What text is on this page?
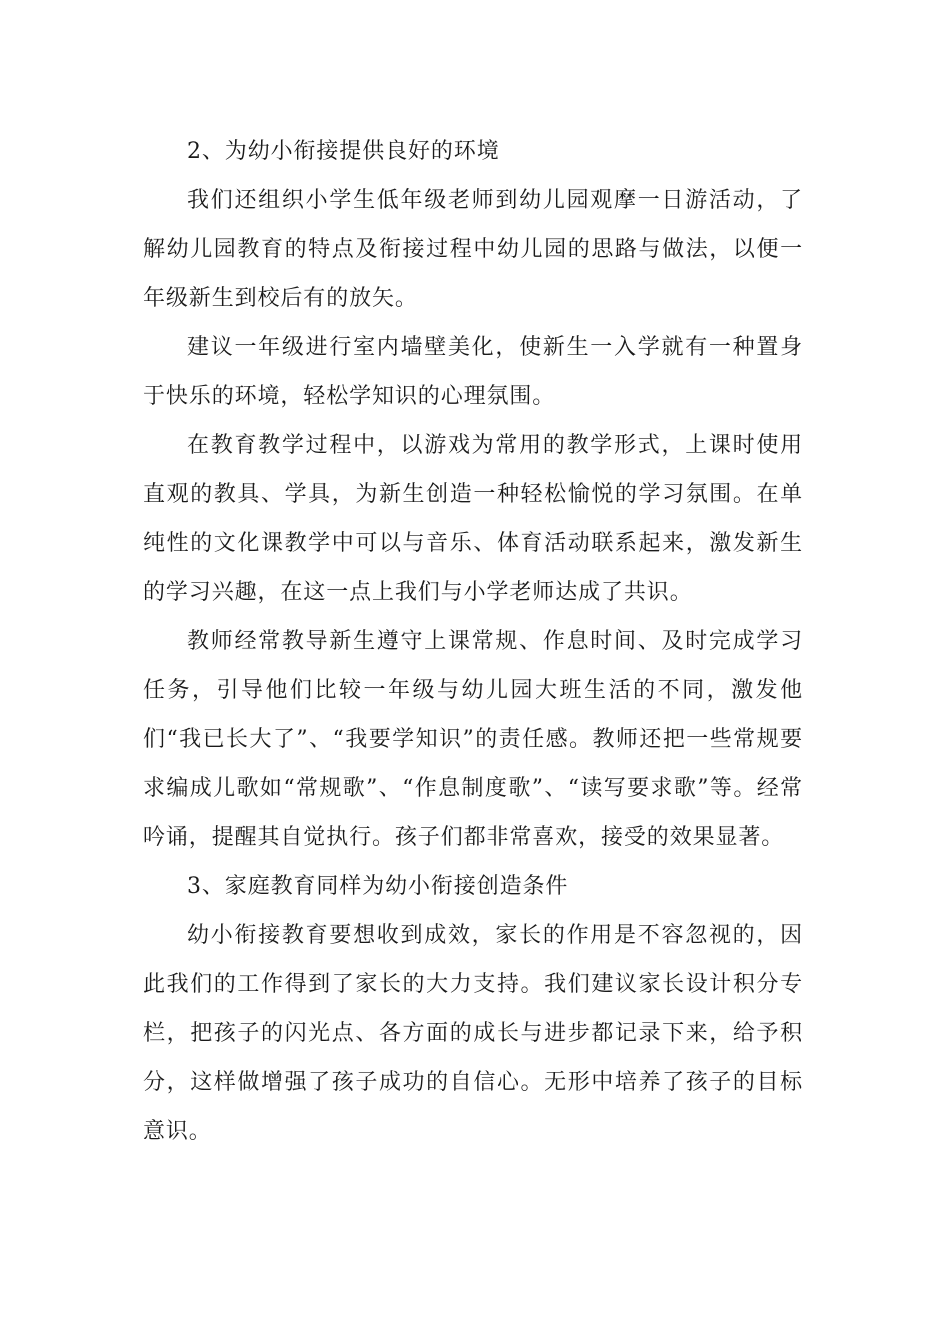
2、为幼小衔接提供良好的环境

我们还组织小学生低年级老师到幼儿园观摩一日游活动，了解幼儿园教育的特点及衔接过程中幼儿园的思路与做法，以便一年级新生到校后有的放矢。

建议一年级进行室内墙壁美化，使新生一入学就有一种置身于快乐的环境，轻松学知识的心理氛围。

在教育教学过程中，以游戏为常用的教学形式，上课时使用直观的教具、学具，为新生创造一种轻松愉悦的学习氛围。在单纯性的文化课教学中可以与音乐、体育活动联系起来，激发新生的学习兴趣，在这一点上我们与小学老师达成了共识。

教师经常教导新生遵守上课常规、作息时间、及时完成学习任务，引导他们比较一年级与幼儿园大班生活的不同，激发他们“我已长大了”、“我要学知识”的责任感。教师还把一些常规要求编成儿歌如“常规歌”、“作息制度歌”、“读写要求歌”等。经常吟诵，提醒其自觉执行。孩子们都非常喜欢，接受的效果显著。

3、家庭教育同样为幼小衔接创造条件

幼小衔接教育要想收到成效，家长的作用是不容忽视的，因此我们的工作得到了家长的大力支持。我们建议家长设计积分专栏，把孩子的闪光点、各方面的成长与进步都记录下来，给予积分，这样做增强了孩子成功的自信心。无形中培养了孩子的目标意识。
